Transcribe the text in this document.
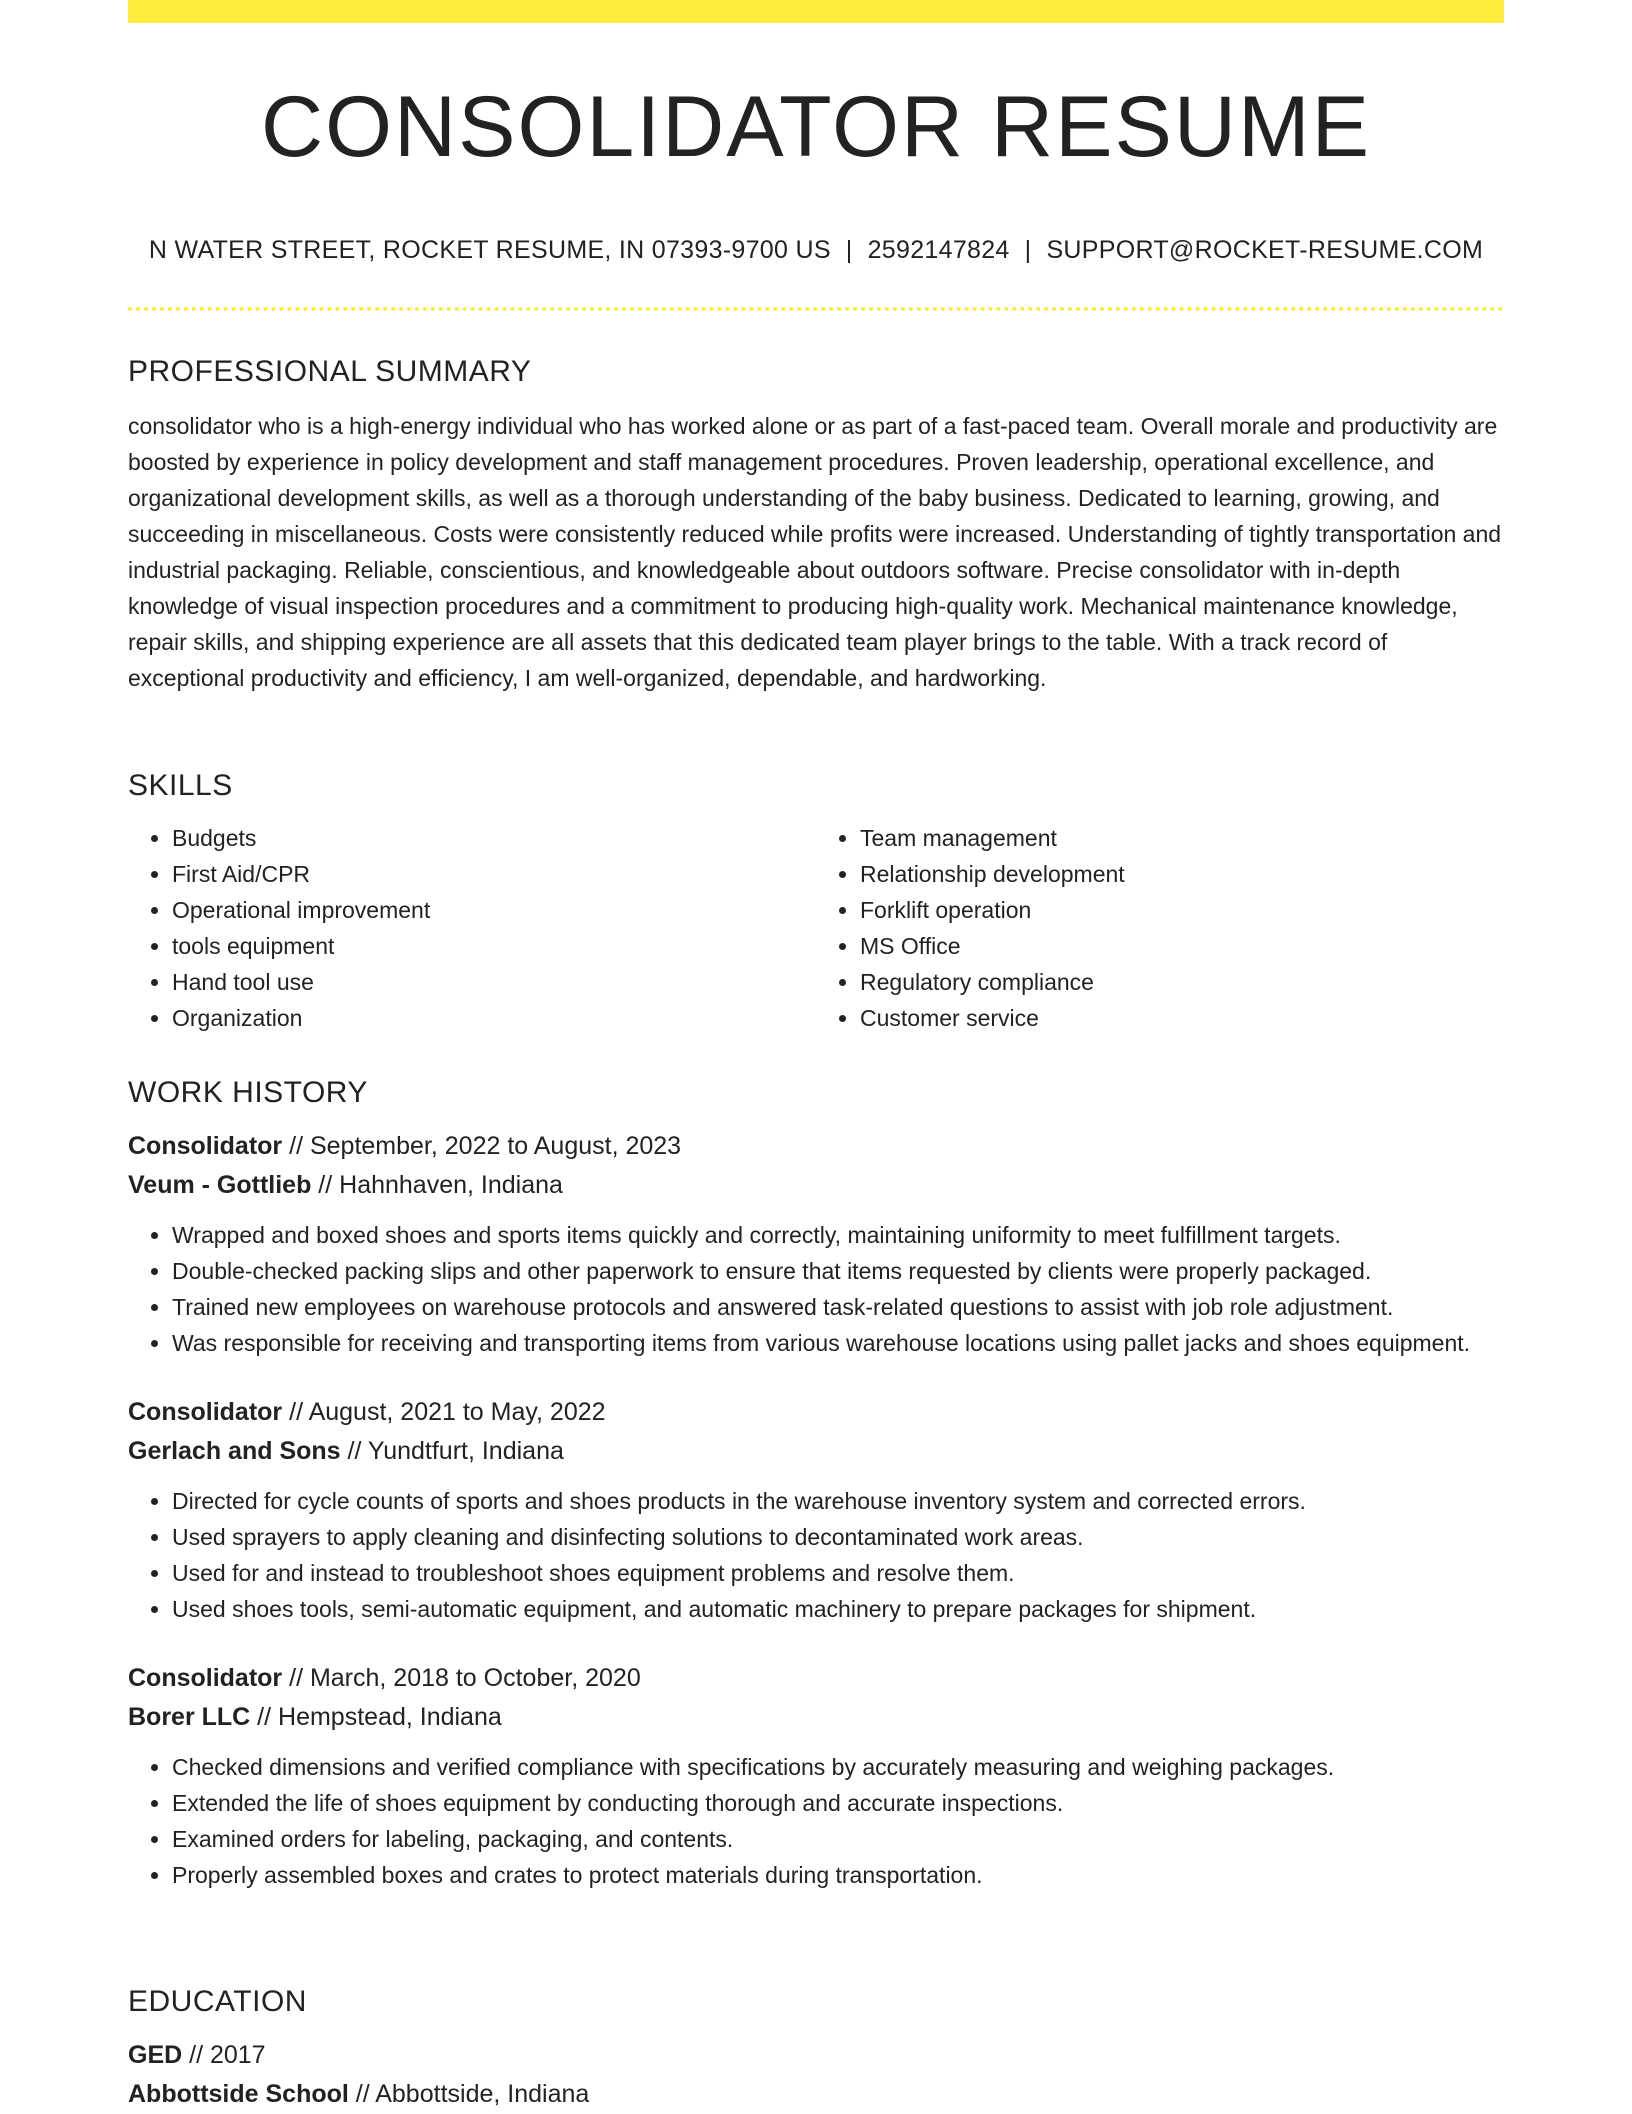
CONSOLIDATOR RESUME
N WATER STREET, ROCKET RESUME, IN 07393-9700 US | 2592147824 | SUPPORT@ROCKET-RESUME.COM
PROFESSIONAL SUMMARY

consolidator who is a high-energy individual who has worked alone or as part of a fast-paced team. Overall morale and productivity are boosted by experience in policy development and staff management procedures. Proven leadership, operational excellence, and organizational development skills, as well as a thorough understanding of the baby business. Dedicated to learning, growing, and succeeding in miscellaneous. Costs were consistently reduced while profits were increased. Understanding of tightly transportation and industrial packaging. Reliable, conscientious, and knowledgeable about outdoors software. Precise consolidator with in-depth knowledge of visual inspection procedures and a commitment to producing high-quality work. Mechanical maintenance knowledge, repair skills, and shipping experience are all assets that this dedicated team player brings to the table. With a track record of exceptional productivity and efficiency, I am well-organized, dependable, and hardworking.

SKILLS
• Budgets
• First Aid/CPR
• Operational improvement
• tools equipment
• Hand tool use
• Organization
• Team management
• Relationship development
• Forklift operation
• MS Office
• Regulatory compliance
• Customer service
WORK HISTORY
Consolidator // September, 2022 to August, 2023
Veum - Gottlieb // Hahnhaven, Indiana
• Wrapped and boxed shoes and sports items quickly and correctly, maintaining uniformity to meet fulfillment targets.
• Double-checked packing slips and other paperwork to ensure that items requested by clients were properly packaged.
• Trained new employees on warehouse protocols and answered task-related questions to assist with job role adjustment.
• Was responsible for receiving and transporting items from various warehouse locations using pallet jacks and shoes equipment.
Consolidator // August, 2021 to May, 2022
Gerlach and Sons // Yundtfurt, Indiana
• Directed for cycle counts of sports and shoes products in the warehouse inventory system and corrected errors.
• Used sprayers to apply cleaning and disinfecting solutions to decontaminated work areas.
• Used for and instead to troubleshoot shoes equipment problems and resolve them.
• Used shoes tools, semi-automatic equipment, and automatic machinery to prepare packages for shipment.
Consolidator // March, 2018 to October, 2020
Borer LLC // Hempstead, Indiana
• Checked dimensions and verified compliance with specifications by accurately measuring and weighing packages.
• Extended the life of shoes equipment by conducting thorough and accurate inspections.
• Examined orders for labeling, packaging, and contents.
• Properly assembled boxes and crates to protect materials during transportation.
EDUCATION
GED // 2017
Abbottside School // Abbottside, Indiana
